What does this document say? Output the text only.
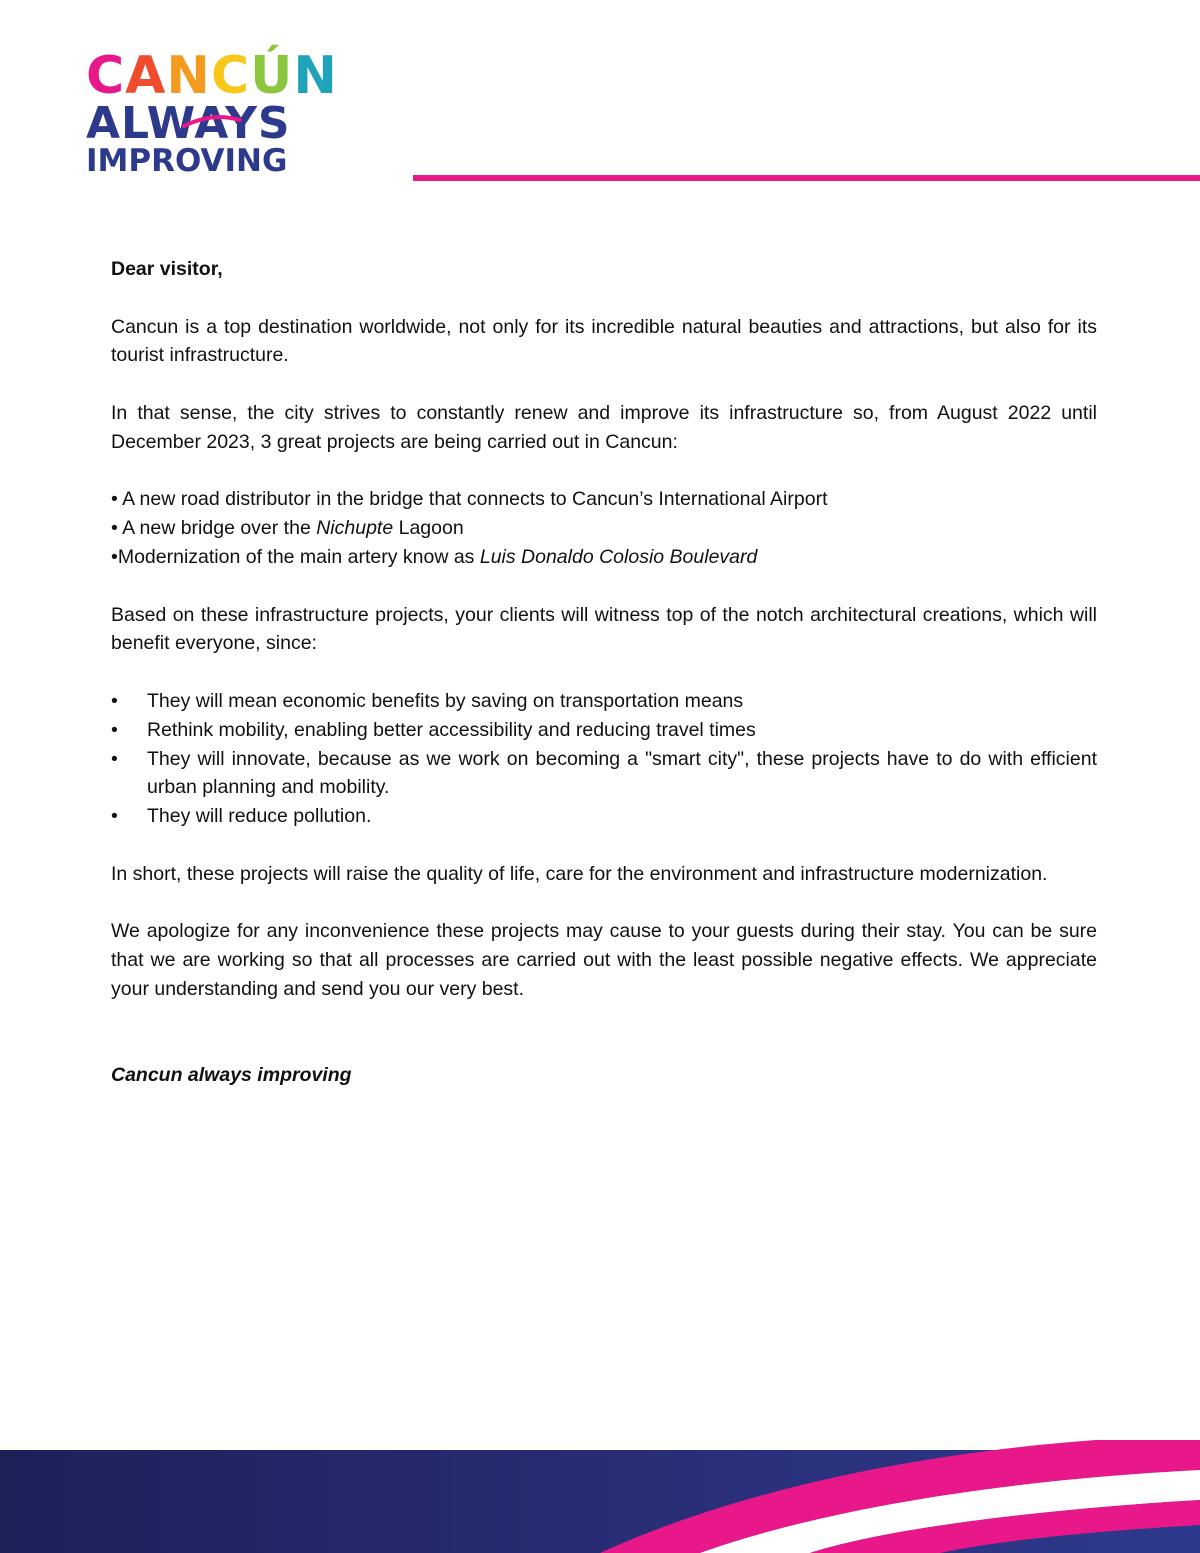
CANCÚN
ALWAYS
IMPROVING

Dear visitor,

Cancun is a top destination worldwide, not only for its incredible natural beauties and attractions, but also for its tourist infrastructure.

In that sense, the city strives to constantly renew and improve its infrastructure so, from August 2022 until December 2023, 3 great projects are being carried out in Cancun:

• A new road distributor in the bridge that connects to Cancun’s International Airport
• A new bridge over the Nichupte Lagoon
•Modernization of the main artery know as Luis Donaldo Colosio Boulevard

Based on these infrastructure projects, your clients will witness top of the notch architectural creations, which will benefit everyone, since:

• They will mean economic benefits by saving on transportation means
• Rethink mobility, enabling better accessibility and reducing travel times
• They will innovate, because as we work on becoming a "smart city", these projects have to do with efficient urban planning and mobility.
• They will reduce pollution.

In short, these projects will raise the quality of life, care for the environment and infrastructure modernization.

We apologize for any inconvenience these projects may cause to your guests during their stay. You can be sure that we are working so that all processes are carried out with the least possible negative effects. We appreciate your understanding and send you our very best.

Cancun always improving
